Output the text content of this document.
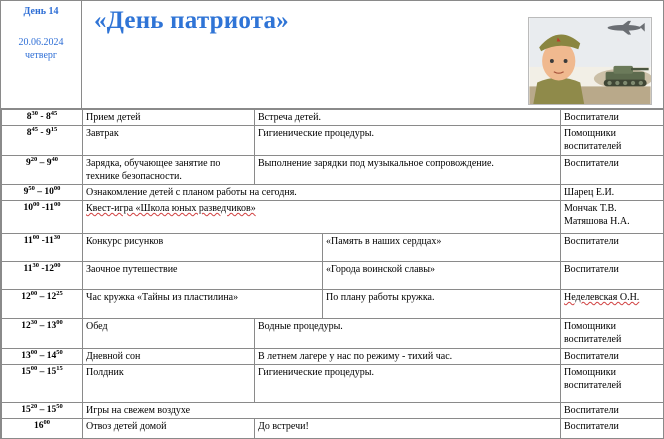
День 14
20.06.2024
четверг
«День патриота»
$8^{30} - 8^{45}$	Прием детей	Встреча детей.		Воспитатели
$8^{45} - 9^{15}$	Завтрак	Гигиенические процедуры.		Помощники воспитателей
$9^{20} - 9^{40}$	Зарядка, обучающее занятие по технике безопасности.	Выполнение зарядки под музыкальное сопровождение.		Воспитатели
$9^{50} - 10^{00}$	Ознакомление детей с планом работы на сегодня.			Шарец Е.И.
$10^{00}$ $-11^{00}$	Квест-игра «Школа юных разведчиков»			Мончак Т.В. Матяшова Н.А.
$11^{00}$ $-11^{30}$	Конкурс рисунков		«Память в наших сердцах»	Воспитатели
$11^{30}$ $-12^{00}$	Заочное путешествие		«Города воинской славы»	Воспитатели
$12^{00} - 12^{25}$	Час кружка «Тайны из пластилина»		По плану работы кружка.	Неделевская О.Н.
$12^{30} - 13^{00}$	Обед	Водные процедуры.		Помощники воспитателей
$13^{00} - 14^{50}$	Дневной сон	В летнем лагере у нас по режиму - тихий час.		Воспитатели
$15^{00} - 15^{15}$	Полдник	Гигиенические процедуры.		Помощники воспитателей
$15^{20} - 15^{50}$	Игры на свежем воздухе			Воспитатели
$16^{00}$	Отвоз детей домой	До встречи!		Воспитатели
